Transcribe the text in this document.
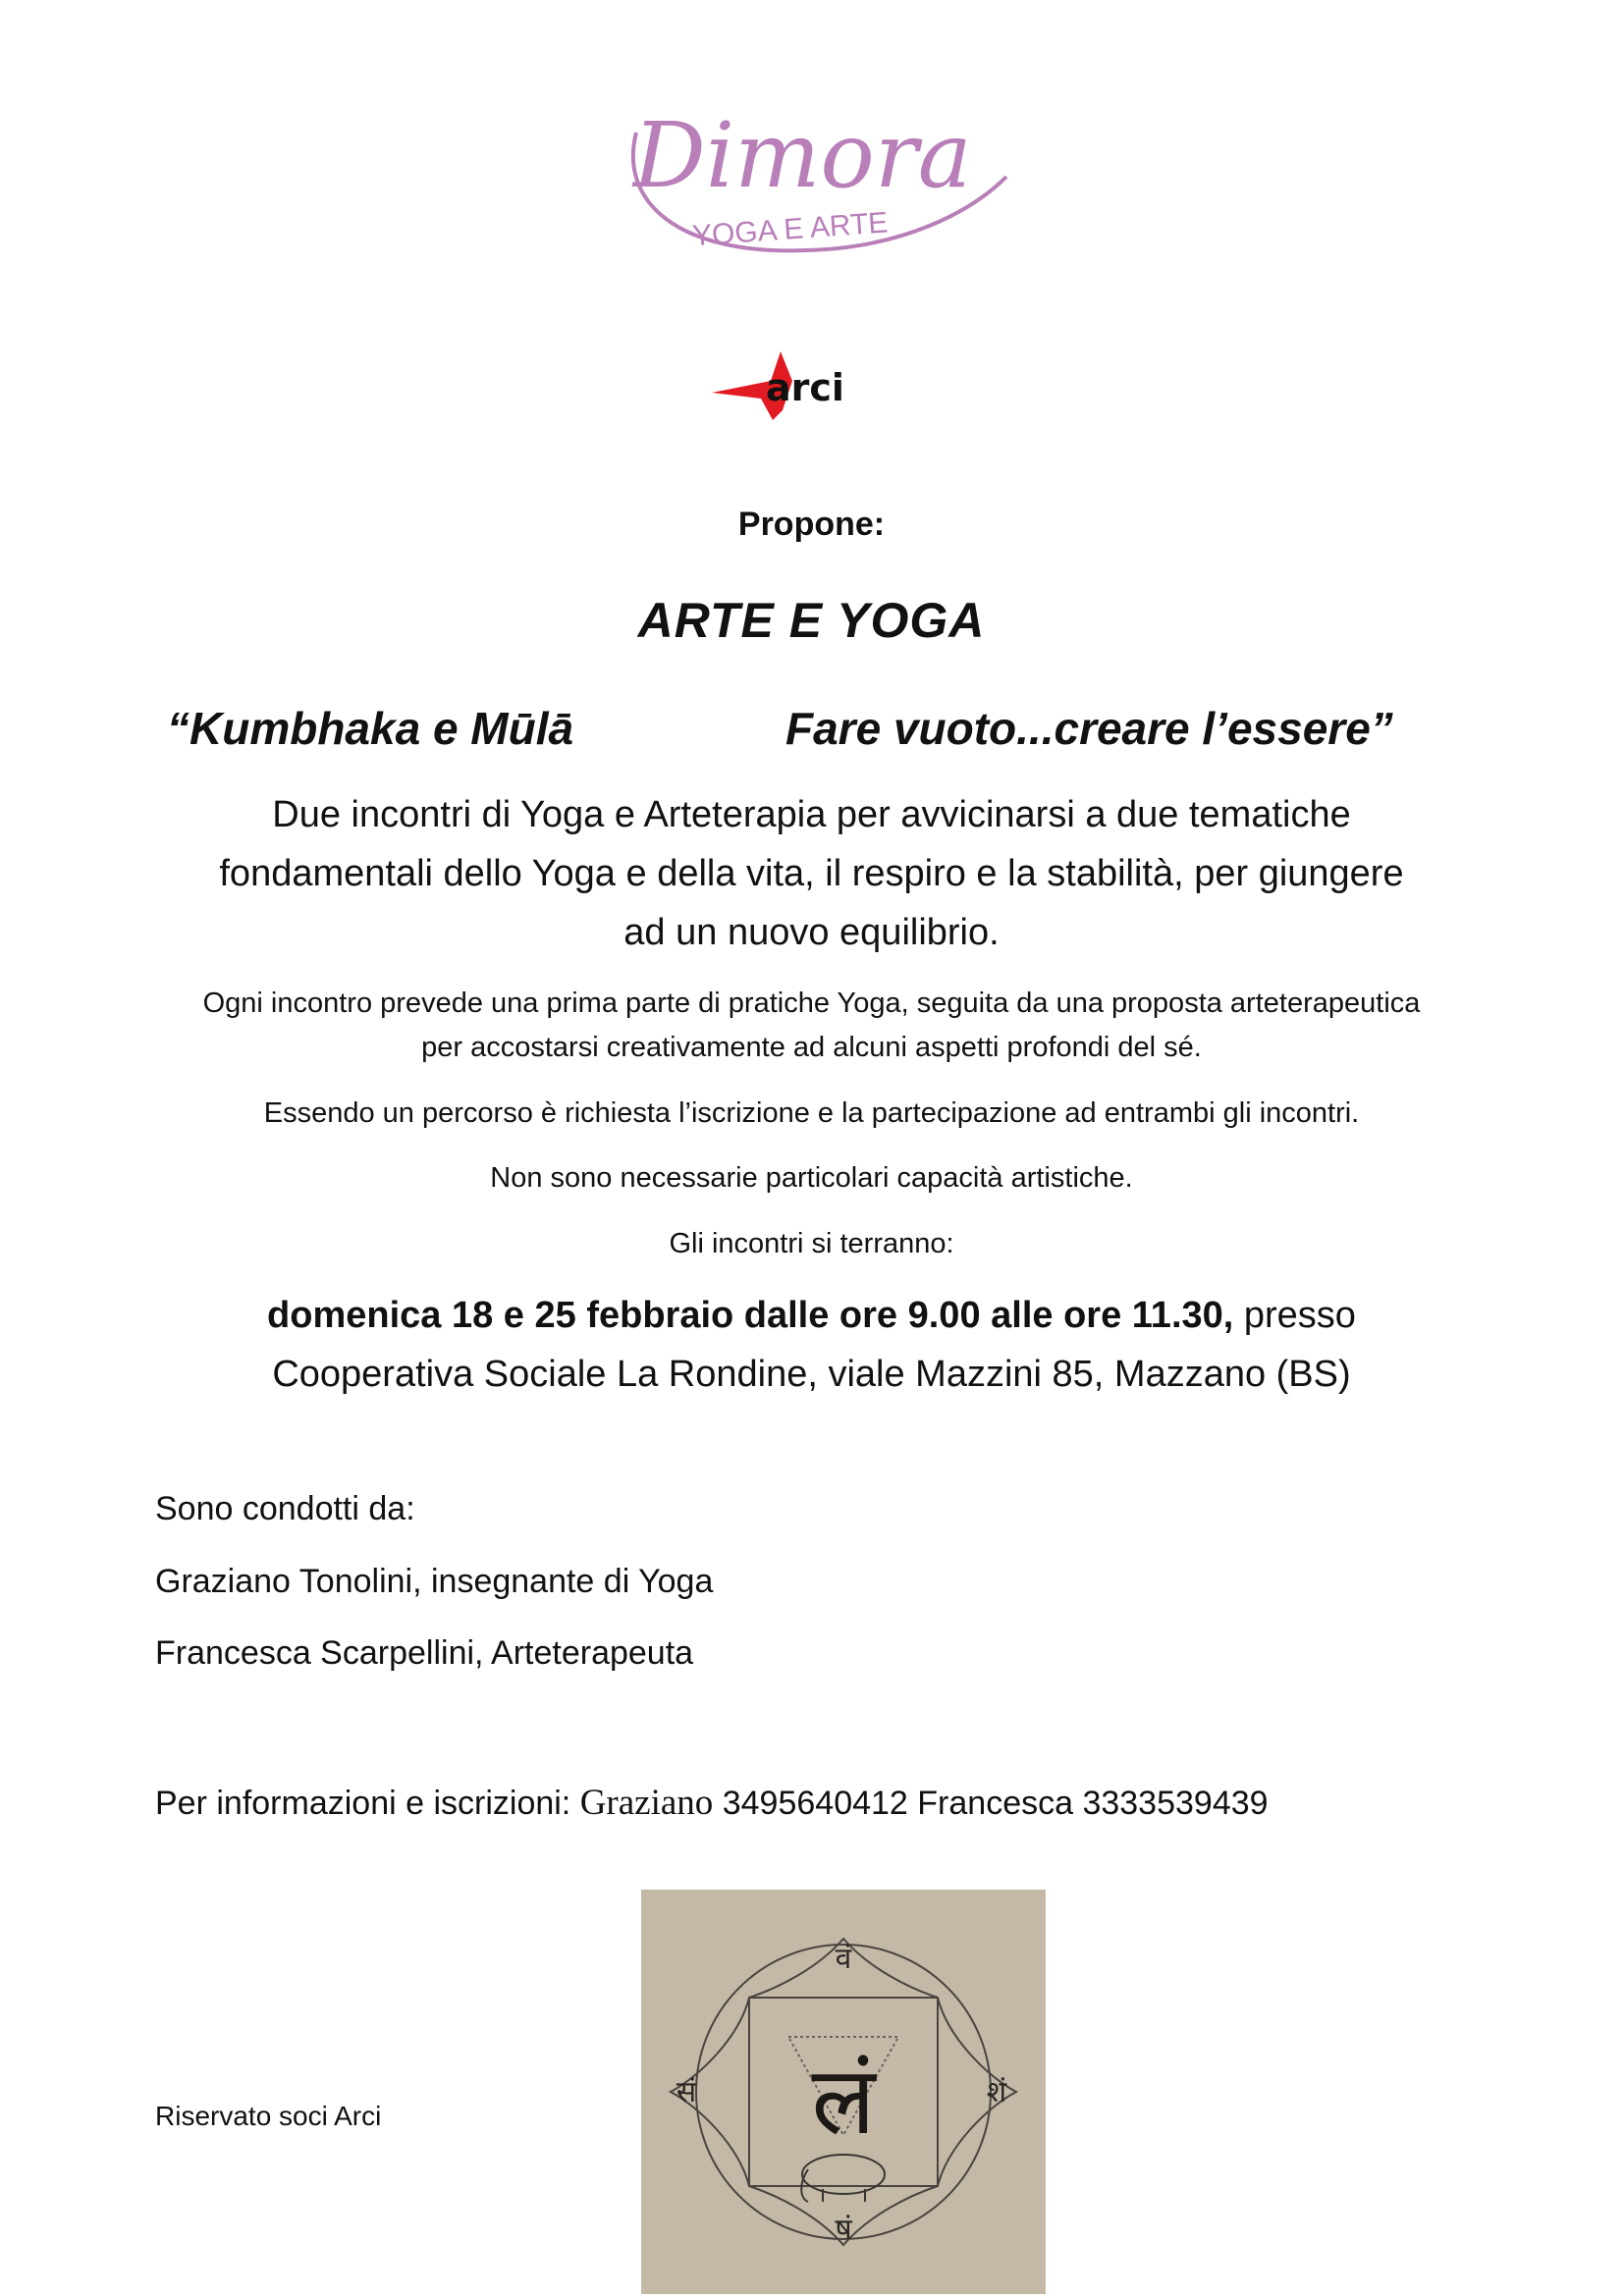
Dimora
YOGA E ARTE
arci
Propone:
ARTE E YOGA
“Kumbhaka e Mūlā	Fare vuoto...creare l’essere”
Due incontri di Yoga e Arteterapia per avvicinarsi a due tematiche
fondamentali dello Yoga e della vita, il respiro e la stabilità, per giungere
ad un nuovo equilibrio.
Ogni incontro prevede una prima parte di pratiche Yoga, seguita da una proposta arteterapeutica
per accostarsi creativamente ad alcuni aspetti profondi del sé.
Essendo un percorso è richiesta l’iscrizione e la partecipazione ad entrambi gli incontri.
Non sono necessarie particolari capacità artistiche.
Gli incontri si terranno:
domenica 18 e 25 febbraio dalle ore 9.00 alle ore 11.30, presso
Cooperativa Sociale La Rondine, viale Mazzini 85, Mazzano (BS)
Sono condotti da:
Graziano Tonolini, insegnante di Yoga
Francesca Scarpellini, Arteterapeuta
Per informazioni e iscrizioni: Graziano 3495640412 Francesca 3333539439
Riservato soci Arci	लं
वं
सं	शं
षं
